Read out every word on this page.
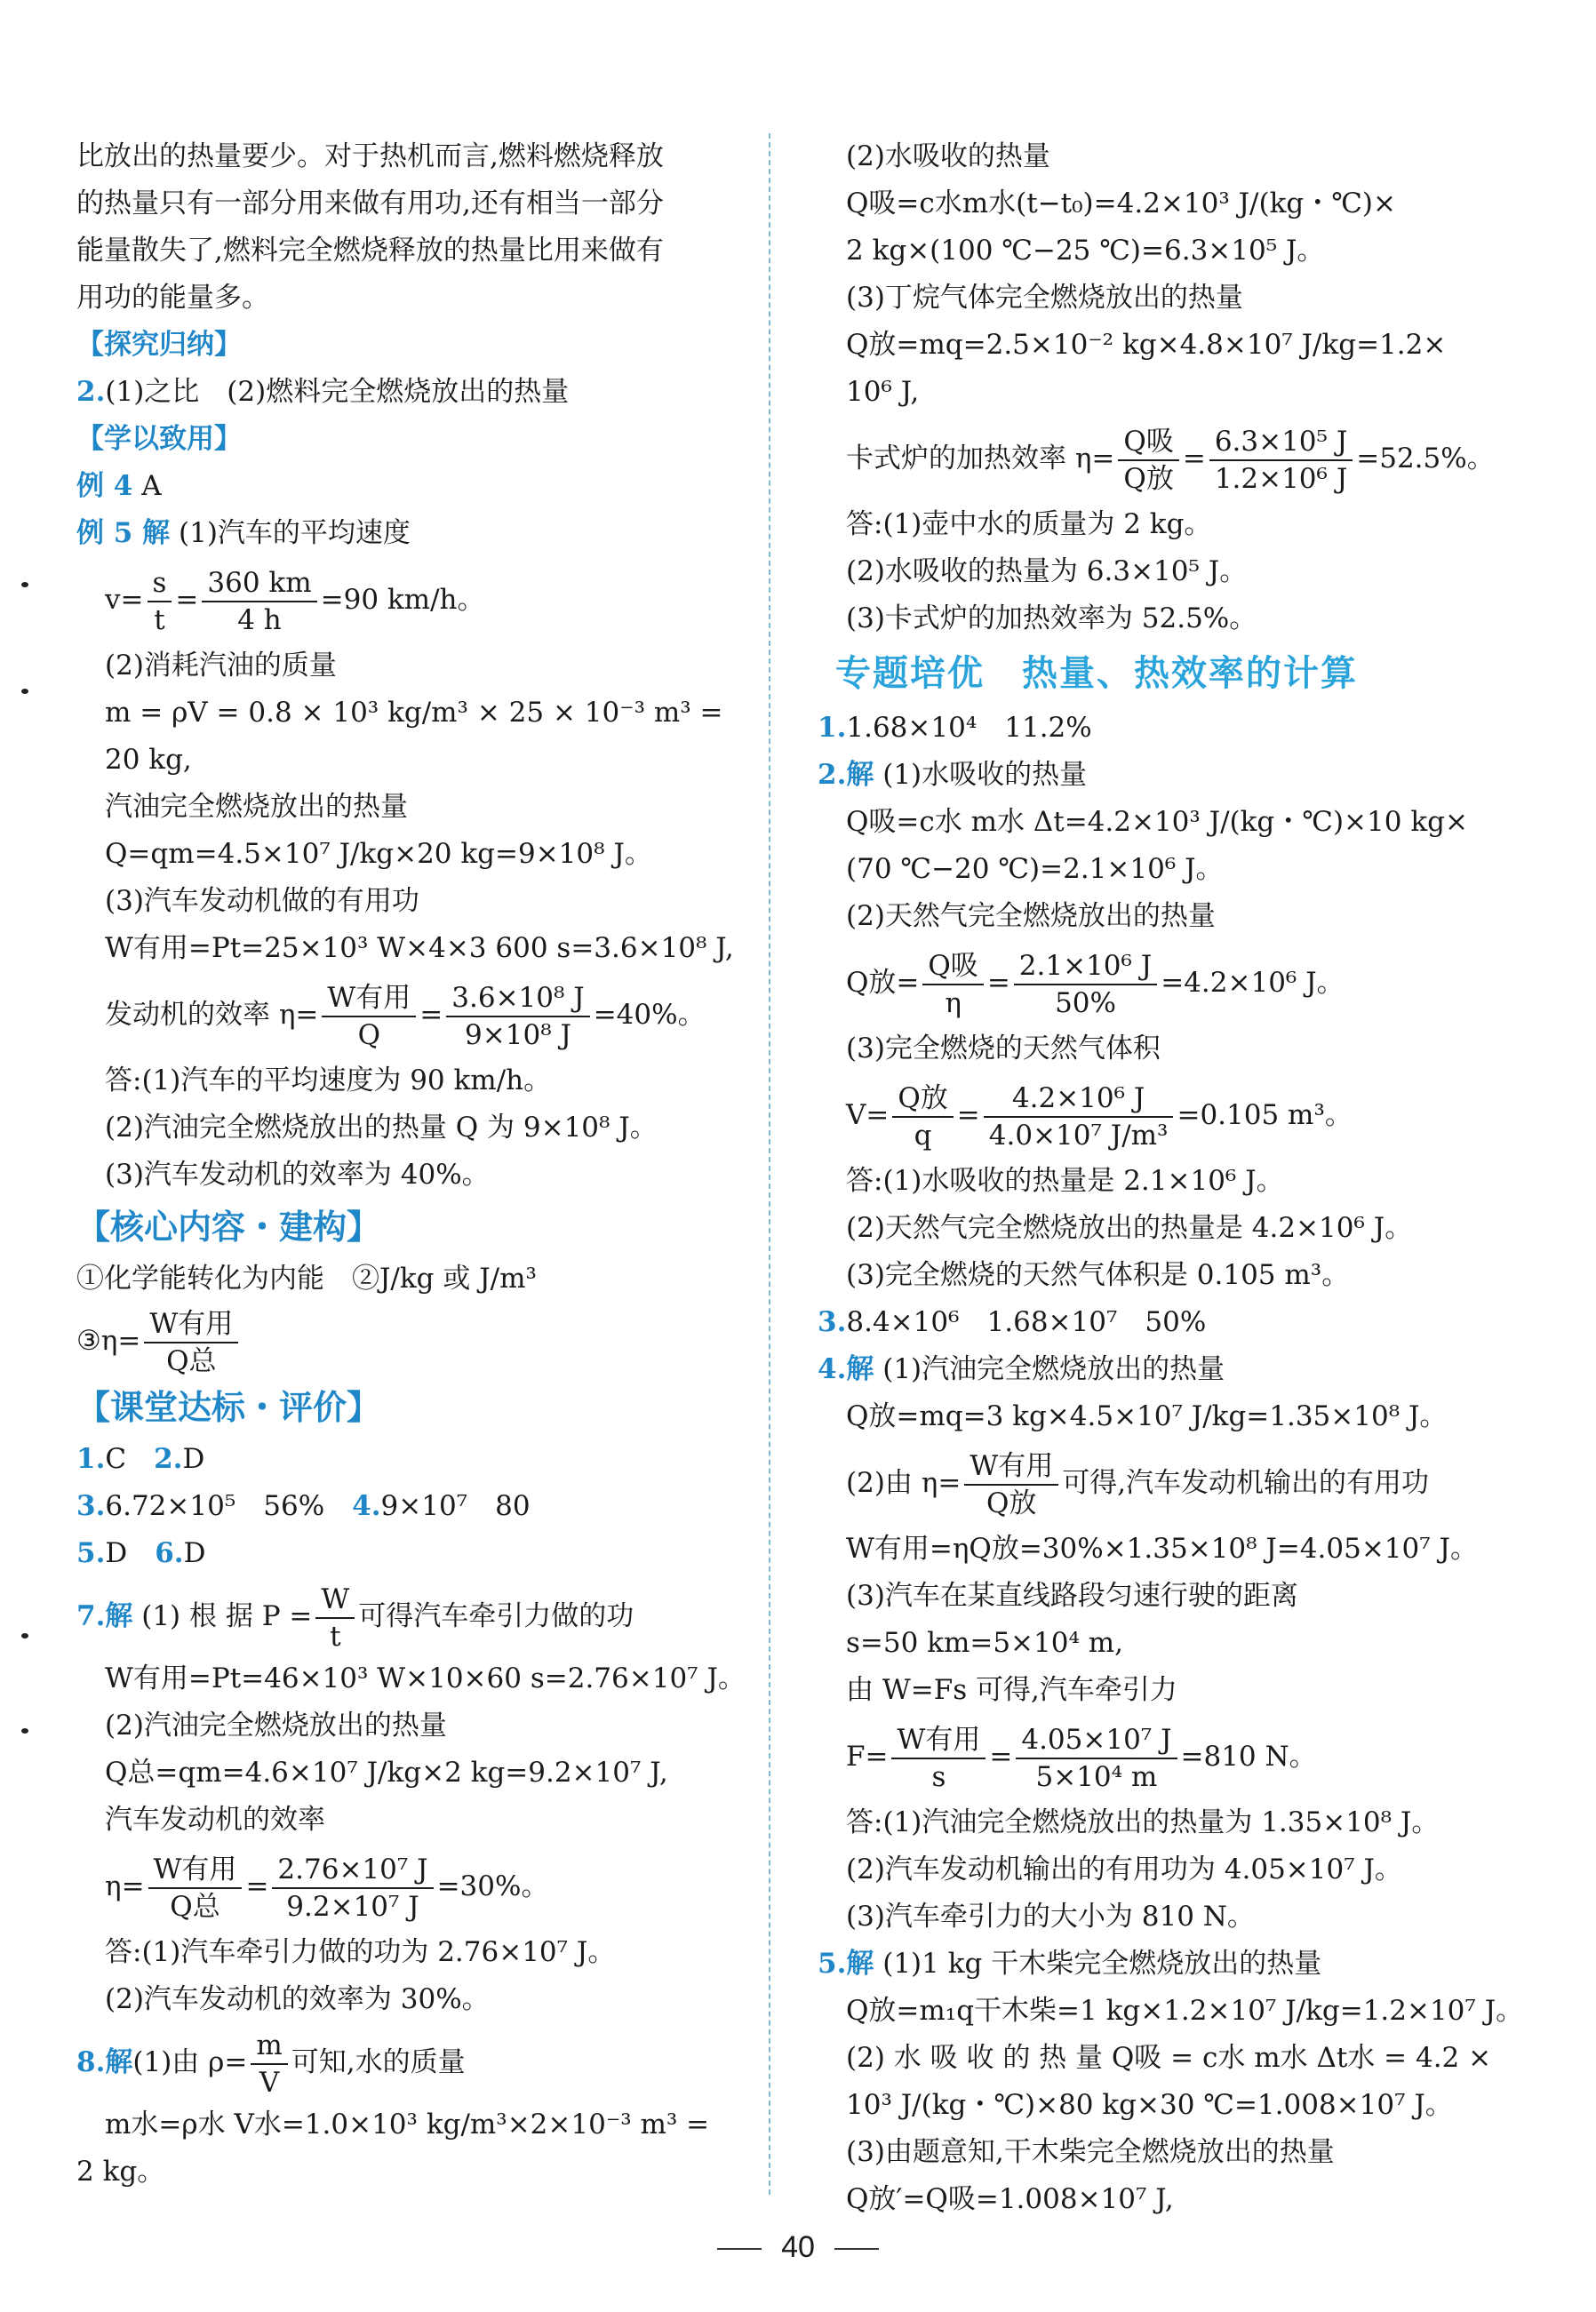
比放出的热量要少。对于热机而言,燃料燃烧释放
的热量只有一部分用来做有用功,还有相当一部分
能量散失了,燃料完全燃烧释放的热量比用来做有
用功的能量多。
【探究归纳】
2.(1)之比　(2)燃料完全燃烧放出的热量
【学以致用】
例 4 A
例 5 解 (1)汽车的平均速度
$v= \frac{s}{t} = \frac{360 km}{4 h} =90$ km/h。
(2)消耗汽油的质量
m = ρV = 0.8 × 10³ kg/m³ × 25 × 10⁻³ m³ =
20 kg,
汽油完全燃烧放出的热量
Q=qm=4.5×10⁷ J/kg×20 kg=9×10⁸ J。
(3)汽车发动机做的有用功
W有用=Pt=25×10³ W×4×3 600 s=3.6×10⁸ J,
发动机的效率 $\eta= \frac{\text{W有用}}{Q} = \frac{\text{3.6×10⁸ J}}{\text{9×10⁸ J}} =40\%$。
答:(1)汽车的平均速度为 90 km/h。
(2)汽油完全燃烧放出的热量 Q 为 9×10⁸ J。
(3)汽车发动机的效率为 40%。
【核心内容・建构】
①化学能转化为内能　②J/kg 或 J/m³
③η= $\frac{\text{W有用}}{\text{Q总}}$
【课堂达标・评价】
1.C　2.D
3.6.72×10⁵　56%　4.9×10⁷　80
5.D　6.D
7.解 (1) 根 据 $P = \frac{W}{t}$ 可得汽车牵引力做的功
W有用=Pt=46×10³ W×10×60 s=2.76×10⁷ J。
(2)汽油完全燃烧放出的热量
Q总=qm=4.6×10⁷ J/kg×2 kg=9.2×10⁷ J,
汽车发动机的效率
$\eta= \frac{\text{W有用}}{\text{Q总}} = \frac{\text{2.76×10⁷ J}}{\text{9.2×10⁷ J}} =30\%$。
答:(1)汽车牵引力做的功为 2.76×10⁷ J。
(2)汽车发动机的效率为 30%。
8.解(1)由 $\rho= \frac{m}{V}$ 可知,水的质量
m水=ρ水 V水=1.0×10³ kg/m³×2×10⁻³ m³ =
2 kg。
(2)水吸收的热量
Q吸=c水m水(t−t₀)=4.2×10³ J/(kg・℃)×
2 kg×(100 ℃−25 ℃)=6.3×10⁵ J。
(3)丁烷气体完全燃烧放出的热量
Q放=mq=2.5×10⁻² kg×4.8×10⁷ J/kg=1.2×
10⁶ J,
卡式炉的加热效率 $\eta= \frac{\text{Q吸}}{\text{Q放}} = \frac{\text{6.3×10⁵ J}}{\text{1.2×10⁶ J}} =52.5\%$。
答:(1)壶中水的质量为 2 kg。
(2)水吸收的热量为 6.3×10⁵ J。
(3)卡式炉的加热效率为 52.5%。
专题培优　热量、热效率的计算
1.1.68×10⁴　11.2%
2.解 (1)水吸收的热量
Q吸=c水 m水 Δt=4.2×10³ J/(kg・℃)×10 kg×
(70 ℃−20 ℃)=2.1×10⁶ J。
(2)天然气完全燃烧放出的热量
Q放= $\frac{\text{Q吸}}{\eta} = \frac{\text{2.1×10⁶ J}}{50\%} =4.2\times 10^6$ J。
(3)完全燃烧的天然气体积
$V= \frac{\text{Q放}}{q} = \frac{\text{4.2×10⁶ J}}{\text{4.0×10⁷ J/m³}} =0.105$ m³。
答:(1)水吸收的热量是 2.1×10⁶ J。
(2)天然气完全燃烧放出的热量是 4.2×10⁶ J。
(3)完全燃烧的天然气体积是 0.105 m³。
3.8.4×10⁶　1.68×10⁷　50%
4.解 (1)汽油完全燃烧放出的热量
Q放=mq=3 kg×4.5×10⁷ J/kg=1.35×10⁸ J。
(2)由 $\eta= \frac{\text{W有用}}{\text{Q放}}$ 可得,汽车发动机输出的有用功
W有用=ηQ放=30%×1.35×10⁸ J=4.05×10⁷ J。
(3)汽车在某直线路段匀速行驶的距离
s=50 km=5×10⁴ m,
由 W=Fs 可得,汽车牵引力
$F= \frac{\text{W有用}}{s} = \frac{\text{4.05×10⁷ J}}{\text{5×10⁴ m}} =810$ N。
答:(1)汽油完全燃烧放出的热量为 1.35×10⁸ J。
(2)汽车发动机输出的有用功为 4.05×10⁷ J。
(3)汽车牵引力的大小为 810 N。
5.解 (1)1 kg 干木柴完全燃烧放出的热量
Q放=m₁q干木柴=1 kg×1.2×10⁷ J/kg=1.2×10⁷ J。
(2) 水 吸 收 的 热 量 Q吸 = c水 m水 Δt水 = 4.2 ×
10³ J/(kg・℃)×80 kg×30 ℃=1.008×10⁷ J。
(3)由题意知,干木柴完全燃烧放出的热量
Q放′=Q吸=1.008×10⁷ J,
40
